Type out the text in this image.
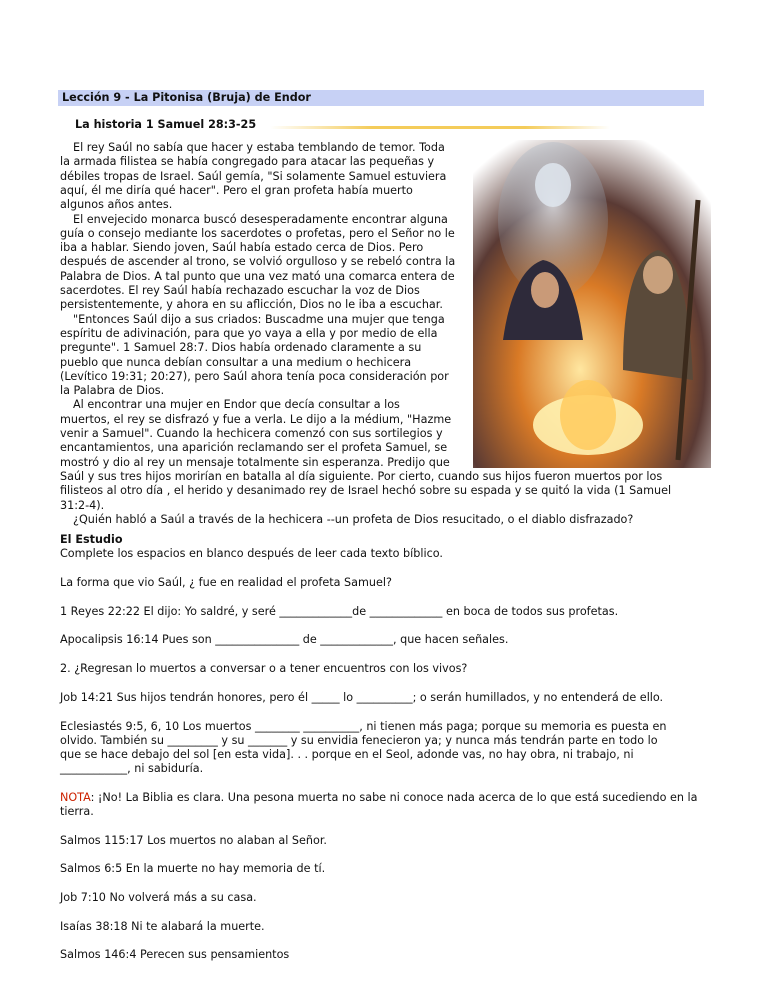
Lección 9 - La Pitonisa (Bruja) de Endor
La historia 1 Samuel 28:3-25
El rey Saúl no sabía que hacer y estaba temblando de temor. Toda
la armada filistea se había congregado para atacar las pequeñas y
débiles tropas de Israel. Saúl gemía, "Si solamente Samuel estuviera
aquí, él me diría qué hacer". Pero el gran profeta había muerto
algunos años antes.
El envejecido monarca buscó desesperadamente encontrar alguna
guía o consejo mediante los sacerdotes o profetas, pero el Señor no le
iba a hablar. Siendo joven, Saúl había estado cerca de Dios. Pero
después de ascender al trono, se volvió orgulloso y se rebeló contra la
Palabra de Dios. A tal punto que una vez mató una comarca entera de
sacerdotes. El rey Saúl había rechazado escuchar la voz de Dios
persistentemente, y ahora en su aflicción, Dios no le iba a escuchar.
"Entonces Saúl dijo a sus criados: Buscadme una mujer que tenga
espíritu de adivinación, para que yo vaya a ella y por medio de ella
pregunte". 1 Samuel 28:7. Dios había ordenado claramente a su
pueblo que nunca debían consultar a una medium o hechicera
(Levítico 19:31; 20:27), pero Saúl ahora tenía poca consideración por
la Palabra de Dios.
Al encontrar una mujer en Endor que decía consultar a los
muertos, el rey se disfrazó y fue a verla. Le dijo a la médium, "Hazme
venir a Samuel". Cuando la hechicera comenzó con sus sortilegios y
encantamientos, una aparición reclamando ser el profeta Samuel, se
mostró y dio al rey un mensaje totalmente sin esperanza. Predijo que
Saúl y sus tres hijos morirían en batalla al día siguiente. Por cierto, cuando sus hijos fueron muertos por los
filisteos al otro día , el herido y desanimado rey de Israel hechó sobre su espada y se quitó la vida (1 Samuel
31:2-4).
¿Quién habló a Saúl a través de la hechicera --un profeta de Dios resucitado, o el diablo disfrazado?
El Estudio
Complete los espacios en blanco después de leer cada texto bíblico.
La forma que vio Saúl, ¿ fue en realidad el profeta Samuel?
1 Reyes 22:22 El dijo: Yo saldré, y seré _____________de _____________ en boca de todos sus profetas.
Apocalipsis 16:14 Pues son _______________ de _____________, que hacen señales.
2. ¿Regresan lo muertos a conversar o a tener encuentros con los vivos?
Job 14:21 Sus hijos tendrán honores, pero él _____ lo __________; o serán humillados, y no entenderá de ello.
Eclesiastés 9:5, 6, 10 Los muertos ________ __________, ni tienen más paga; porque su memoria es puesta en
olvido. También su _________ y su _______ y su envidia fenecieron ya; y nunca más tendrán parte en todo lo
que se hace debajo del sol [en esta vida]. . . porque en el Seol, adonde vas, no hay obra, ni trabajo, ni
____________, ni sabiduría.
NOTA: ¡No! La Biblia es clara. Una pesona muerta no sabe ni conoce nada acerca de lo que está sucediendo en la
tierra.
Salmos 115:17 Los muertos no alaban al Señor.
Salmos 6:5 En la muerte no hay memoria de tí.
Job 7:10 No volverá más a su casa.
Isaías 38:18 Ni te alabará la muerte.
Salmos 146:4 Perecen sus pensamientos
